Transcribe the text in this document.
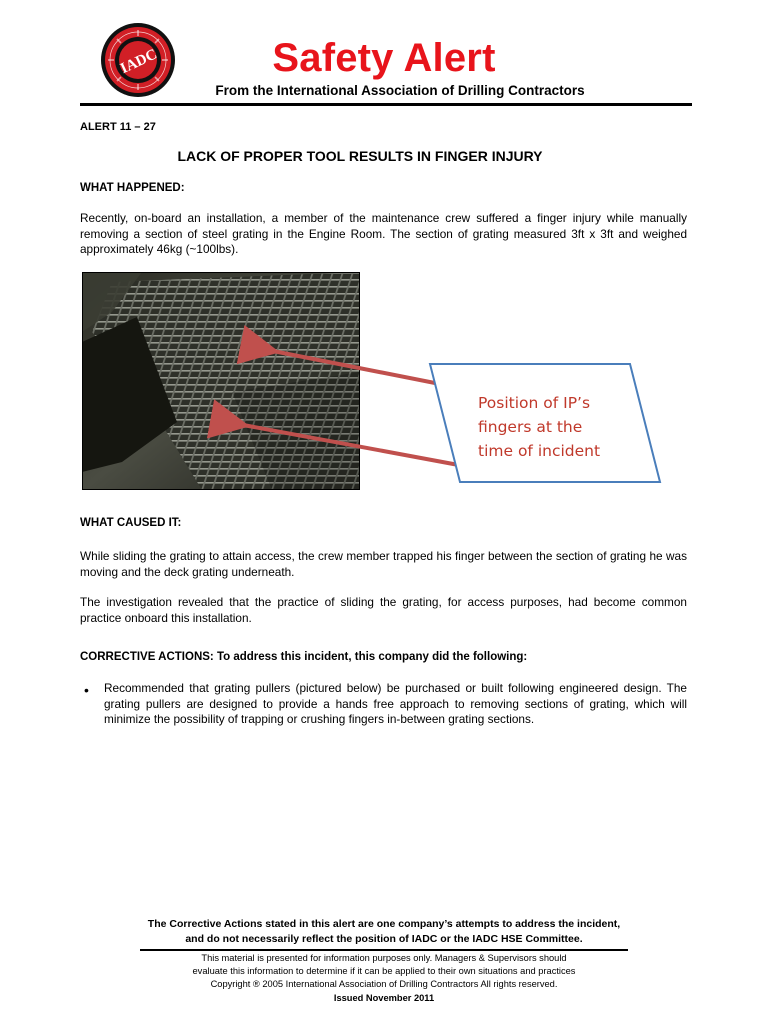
IADC	Safety Alert
From the International Association of Drilling Contractors
ALERT 11 – 27
LACK OF PROPER TOOL RESULTS IN FINGER INJURY
WHAT HAPPENED:

Recently, on-board an installation, a member of the maintenance crew suffered a finger injury while manually removing a section of steel grating in the Engine Room. The section of grating measured 3ft x 3ft and weighed approximately 46kg (~100lbs).

Position of IP’s fingers at the time of incident
WHAT CAUSED IT:

While sliding the grating to attain access, the crew member trapped his finger between the section of grating he was moving and the deck grating underneath.

The investigation revealed that the practice of sliding the grating, for access purposes, had become common practice onboard this installation.

CORRECTIVE ACTIONS: To address this incident, this company did the following:
• Recommended that grating pullers (pictured below) be purchased or built following engineered design. The grating pullers are designed to provide a hands free approach to removing sections of grating, which will minimize the possibility of trapping or crushing fingers in-between grating sections.

The Corrective Actions stated in this alert are one company’s attempts to address the incident,
and do not necessarily reflect the position of IADC or the IADC HSE Committee.
This material is presented for information purposes only. Managers & Supervisors should
evaluate this information to determine if it can be applied to their own situations and practices
Copyright ® 2005 International Association of Drilling Contractors All rights reserved.
Issued November 2011
